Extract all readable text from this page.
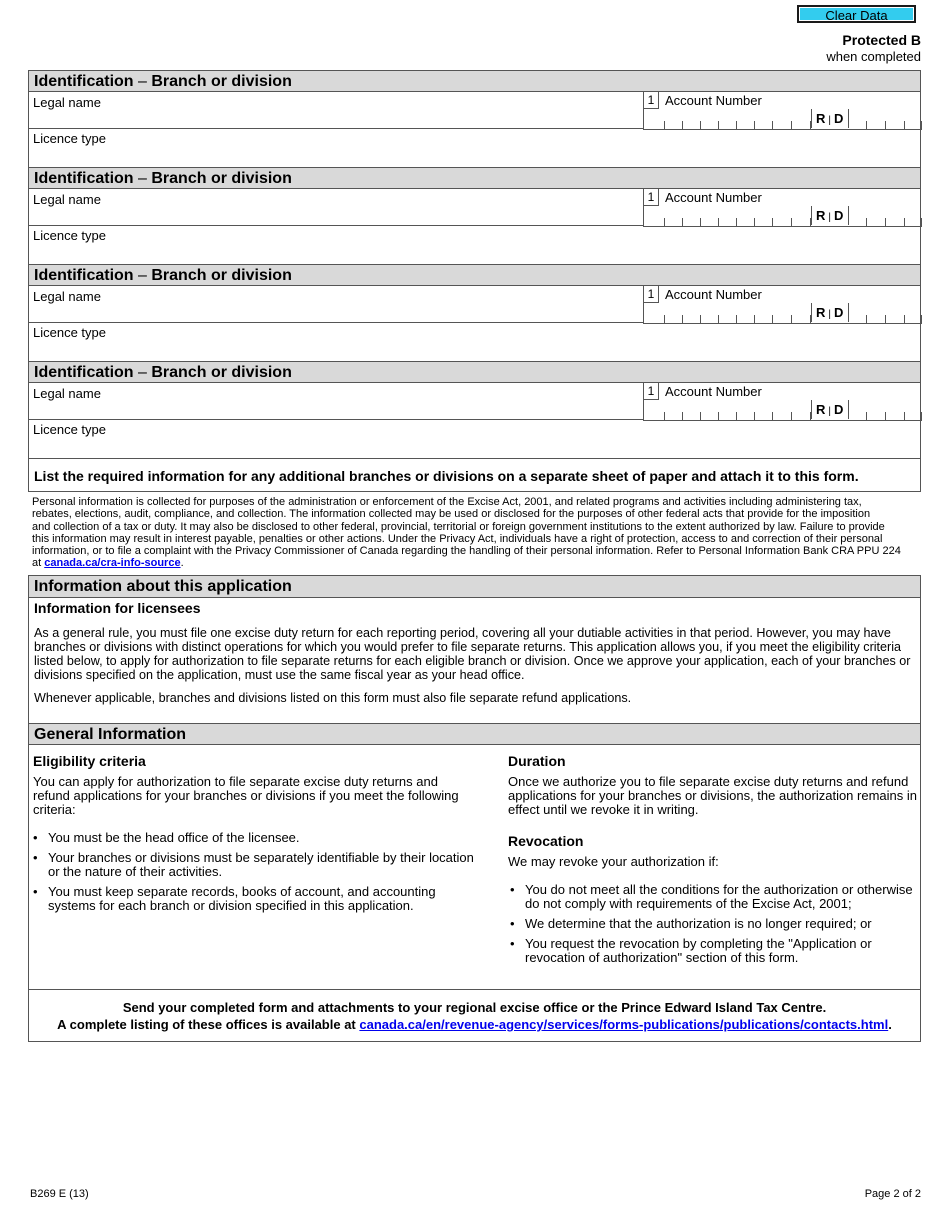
Clear Data
Protected B
when completed
Identification – Branch or division
Legal name	1 Account Number
R | D
Licence type
Identification – Branch or division
Legal name	1 Account Number
R | D
Licence type
Identification – Branch or division
Legal name	1 Account Number
R | D
Licence type
Identification – Branch or division
Legal name	1 Account Number
R | D
Licence type
List the required information for any additional branches or divisions on a separate sheet of paper and attach it to this form.
Personal information is collected for purposes of the administration or enforcement of the Excise Act, 2001, and related programs and activities including administering tax,
rebates, elections, audit, compliance, and collection. The information collected may be used or disclosed for the purposes of other federal acts that provide for the imposition
and collection of a tax or duty. It may also be disclosed to other federal, provincial, territorial or foreign government institutions to the extent authorized by law. Failure to provide
this information may result in interest payable, penalties or other actions. Under the Privacy Act, individuals have a right of protection, access to and correction of their personal
information, or to file a complaint with the Privacy Commissioner of Canada regarding the handling of their personal information. Refer to Personal Information Bank CRA PPU 224
at canada.ca/cra-info-source.
Information about this application
Information for licensees
As a general rule, you must file one excise duty return for each reporting period, covering all your dutiable activities in that period. However, you may have branches or divisions with distinct operations for which you would prefer to file separate returns. This application allows you, if you meet the eligibility criteria listed below, to apply for authorization to file separate returns for each eligible branch or division. Once we approve your application, each of your branches or divisions specified on the application, must use the same fiscal year as your head office.
Whenever applicable, branches and divisions listed on this form must also file separate refund applications.
General Information
Eligibility criteria
You can apply for authorization to file separate excise duty returns and refund applications for your branches or divisions if you meet the following criteria:
• You must be the head office of the licensee.
• Your branches or divisions must be separately identifiable by their location or the nature of their activities.
• You must keep separate records, books of account, and accounting systems for each branch or division specified in this application.
Duration
Once we authorize you to file separate excise duty returns and refund applications for your branches or divisions, the authorization remains in effect until we revoke it in writing.
Revocation
We may revoke your authorization if:
• You do not meet all the conditions for the authorization or otherwise do not comply with requirements of the Excise Act, 2001;
• We determine that the authorization is no longer required; or
• You request the revocation by completing the "Application or revocation of authorization" section of this form.
Send your completed form and attachments to your regional excise office or the Prince Edward Island Tax Centre.
A complete listing of these offices is available at canada.ca/en/revenue-agency/services/forms-publications/publications/contacts.html.
B269 E (13)	Page 2 of 2
